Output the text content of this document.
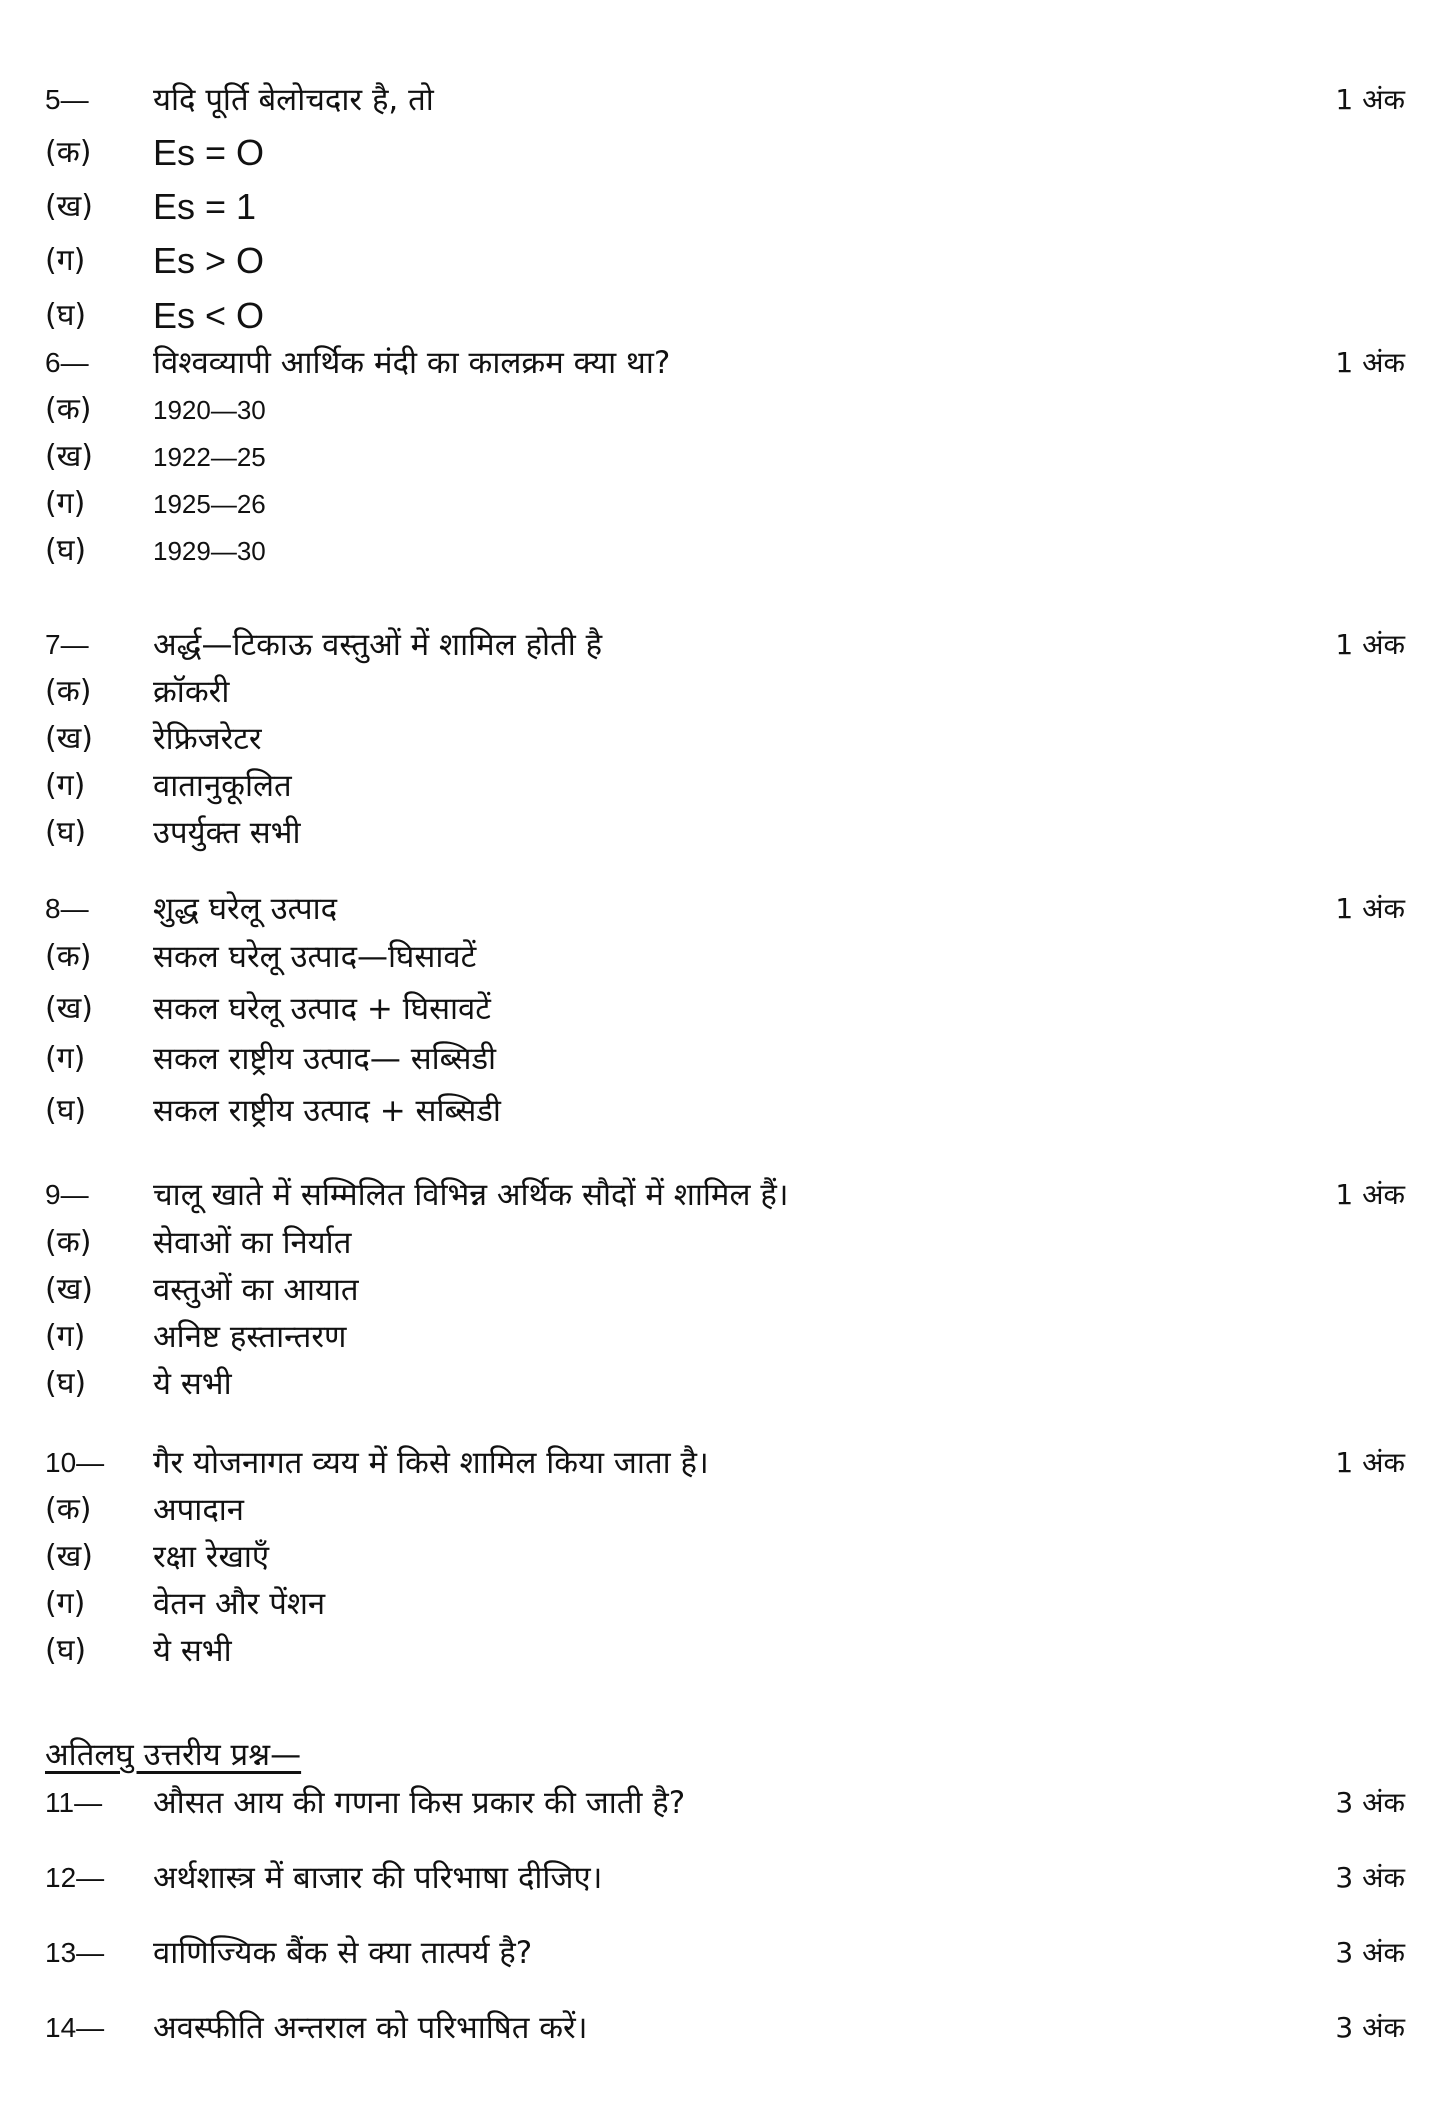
5— यदि पूर्ति बेलोचदार है, तो	1 अंक
(क) Es = O
(ख) Es = 1
(ग) Es > O
(घ) Es < O
6— विश्वव्यापी आर्थिक मंदी का कालक्रम क्या था?	1 अंक
(क) 1920—30
(ख) 1922—25
(ग)	1925—26
(घ)	1929—30
7— अर्द्ध—टिकाऊ वस्तुओं में शामिल होती है	1 अंक
(क) क्रॉकरी
(ख) रेफ्रिजरेटर
(ग) वातानुकूलित
(घ) उपर्युक्त सभी
8— शुद्ध घरेलू उत्पाद	1 अंक
(क) सकल घरेलू उत्पाद—घिसावटें
(ख) सकल घरेलू उत्पाद + घिसावटें
(ग) सकल राष्ट्रीय उत्पाद— सब्सिडी
(घ) सकल राष्ट्रीय उत्पाद + सब्सिडी
9— चालू खाते में सम्मिलित विभिन्न अर्थिक सौदों में शामिल हैं।	1 अंक
(क) सेवाओं का निर्यात
(ख) वस्तुओं का आयात
(ग) अनिष्ट हस्तान्तरण
(घ) ये सभी
10— गैर योजनागत व्यय में किसे शामिल किया जाता है।	1 अंक
(क) अपादान
(ख) रक्षा रेखाएँ
(ग) वेतन और पेंशन
(घ) ये सभी
अतिलघु उत्तरीय प्रश्न—
11— औसत आय की गणना किस प्रकार की जाती है?	3 अंक
12— अर्थशास्त्र में बाजार की परिभाषा दीजिए।	3 अंक
13— वाणिज्यिक बैंक से क्या तात्पर्य है?	3 अंक
14— अवस्फीति अन्तराल को परिभाषित करें।	3 अंक
